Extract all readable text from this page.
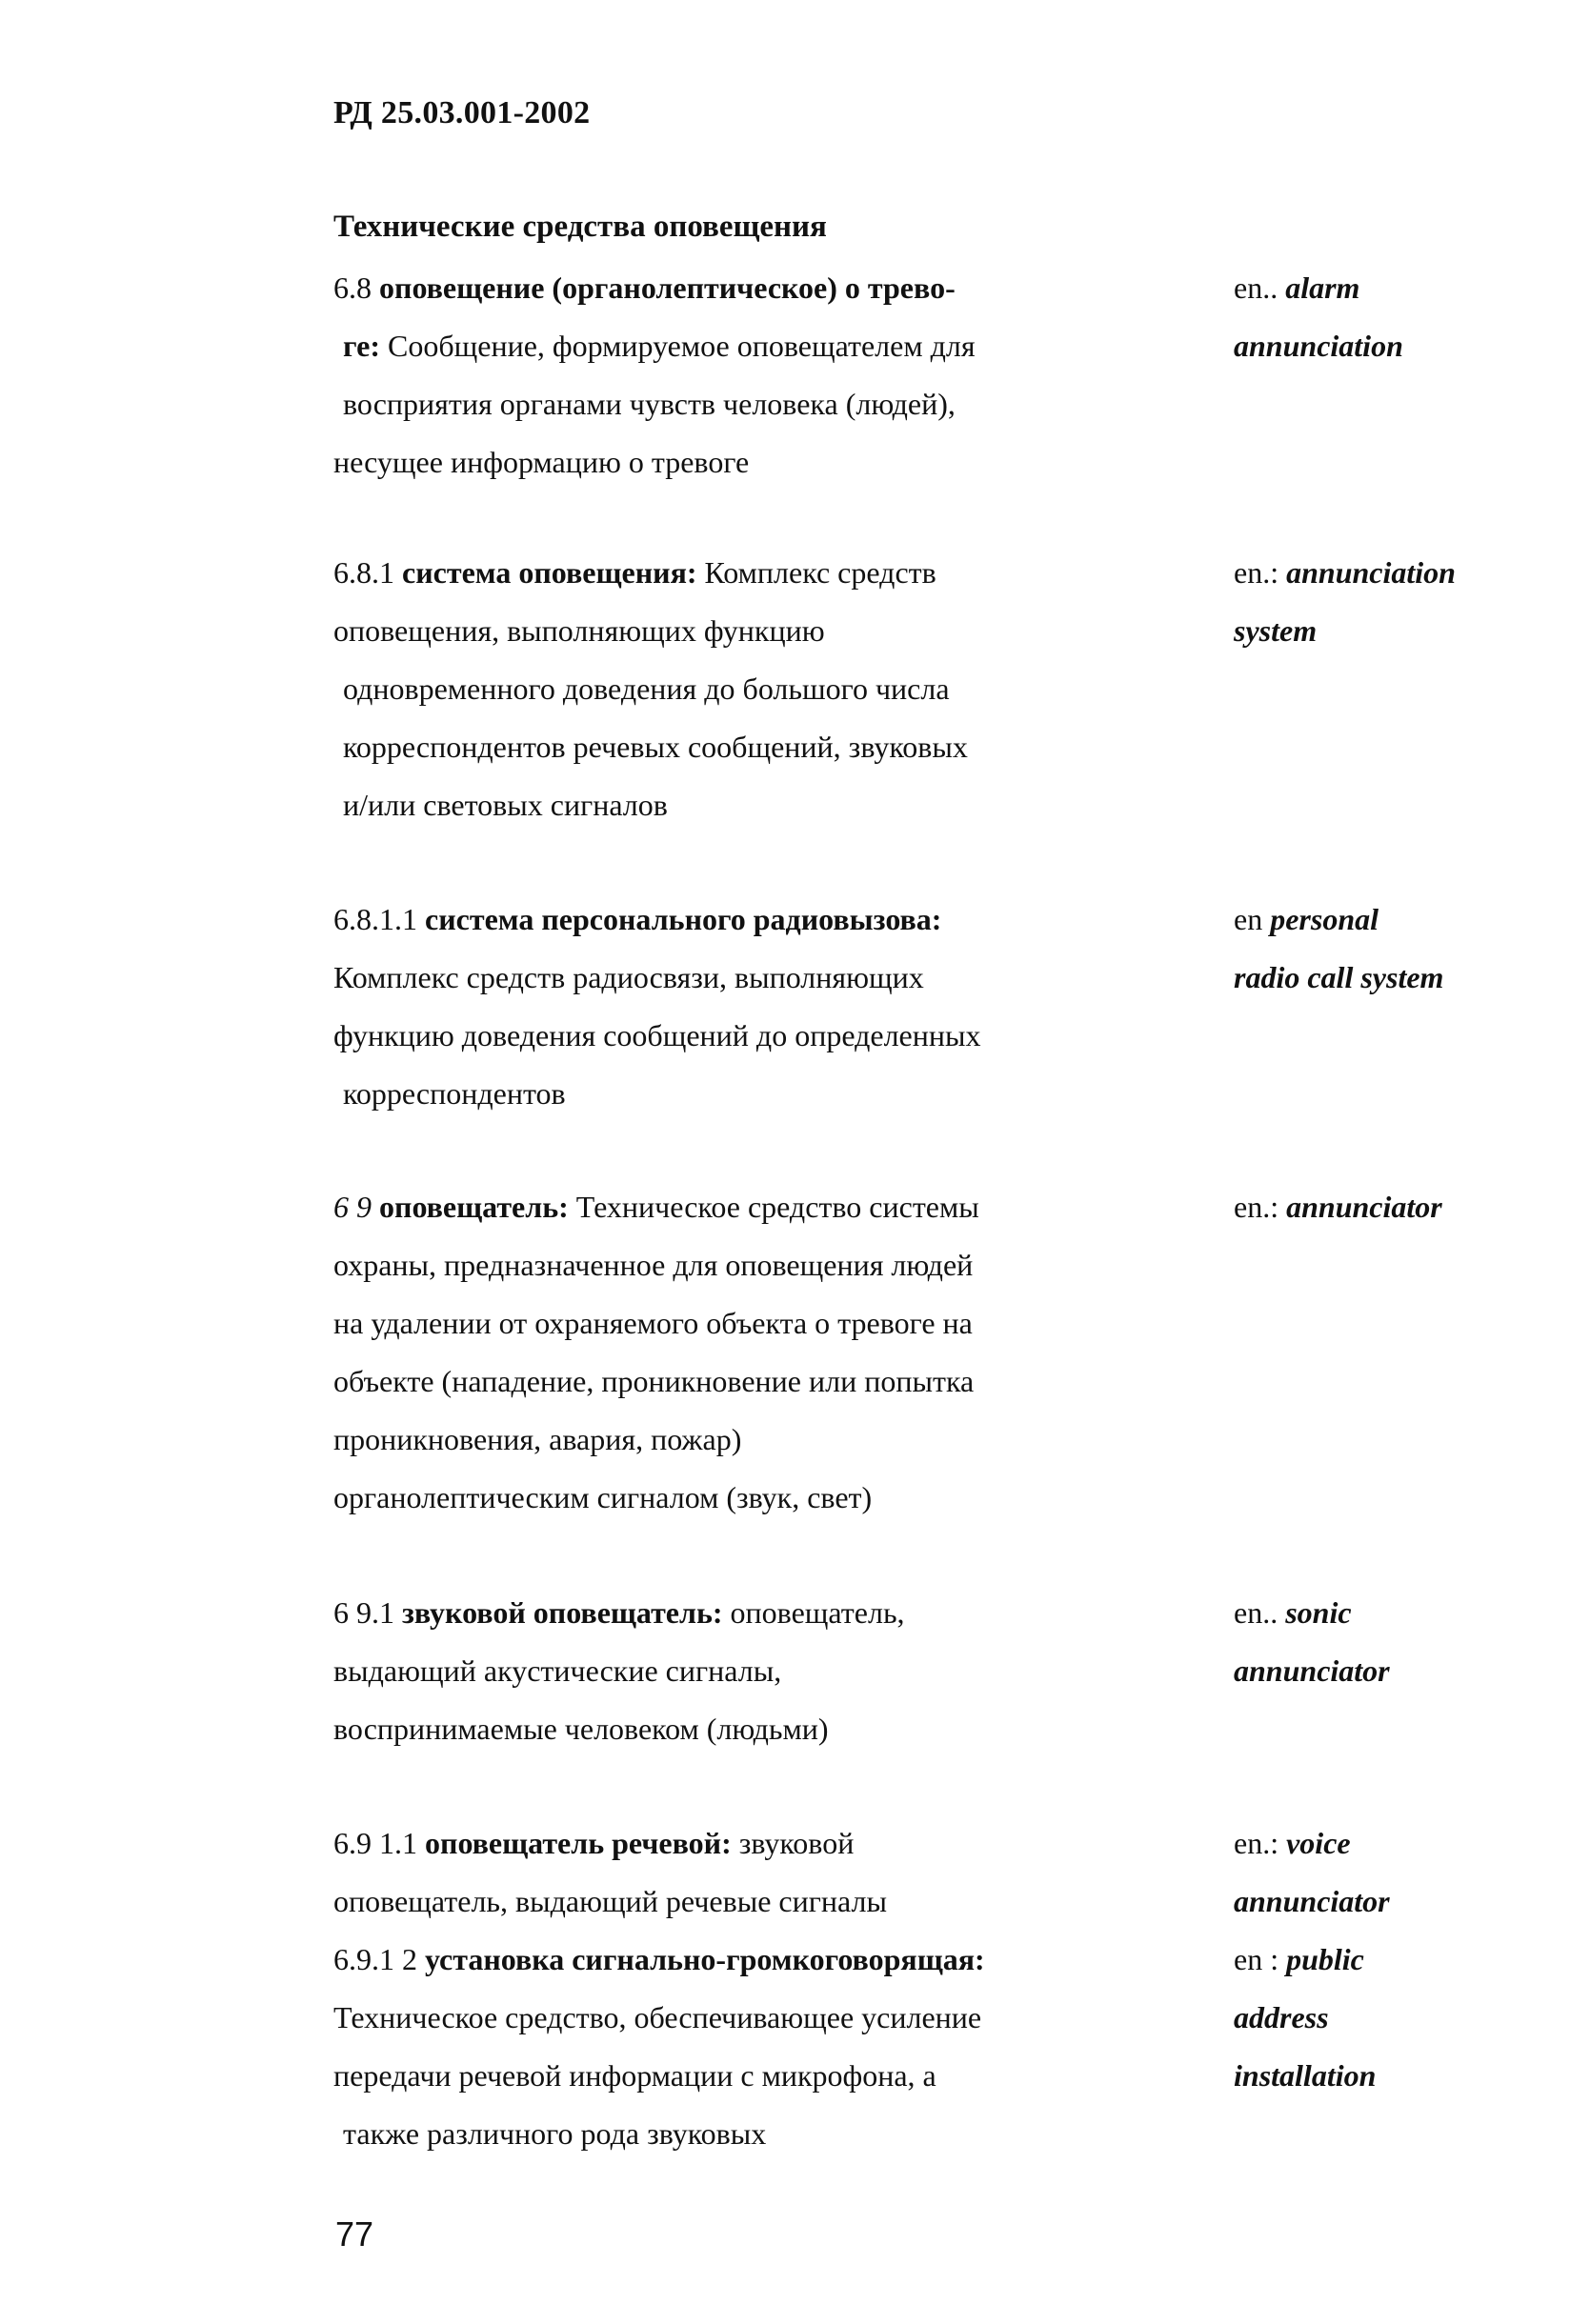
РД 25.03.001-2002
Технические средства оповещения
6.8 оповещение (органолептическое) о трево-
ге: Сообщение, формируемое оповещателем для
восприятия органами чувств человека (людей),
несущее информацию о тревоге
en.. alarm
annunciation
6.8.1 система оповещения: Комплекс средств
оповещения, выполняющих функцию
одновременного доведения до большого числа
корреспондентов речевых сообщений, звуковых
и/или световых сигналов
en.: annunciation
system
6.8.1.1 система персонального радиовызова:
Комплекс средств радиосвязи, выполняющих
функцию доведения сообщений до определенных
корреспондентов
en personal
radio call system
6 9 оповещатель: Техническое средство системы
охраны, предназначенное для оповещения людей
на удалении от охраняемого объекта о тревоге на
объекте (нападение, проникновение или попытка
проникновения, авария, пожар)
органолептическим сигналом (звук, свет)
en.: annunciator
6 9.1 звуковой оповещатель: оповещатель,
выдающий акустические сигналы,
воспринимаемые человеком (людьми)
en.. sonic
annunciator
6.9 1.1 оповещатель речевой: звуковой
оповещатель, выдающий речевые сигналы
en.: voice
annunciator
6.9.1 2 установка сигнально-громкоговорящая:
Техническое средство, обеспечивающее усиление
передачи речевой информации с микрофона, а
также различного рода звуковых
en : public
address
installation
77
